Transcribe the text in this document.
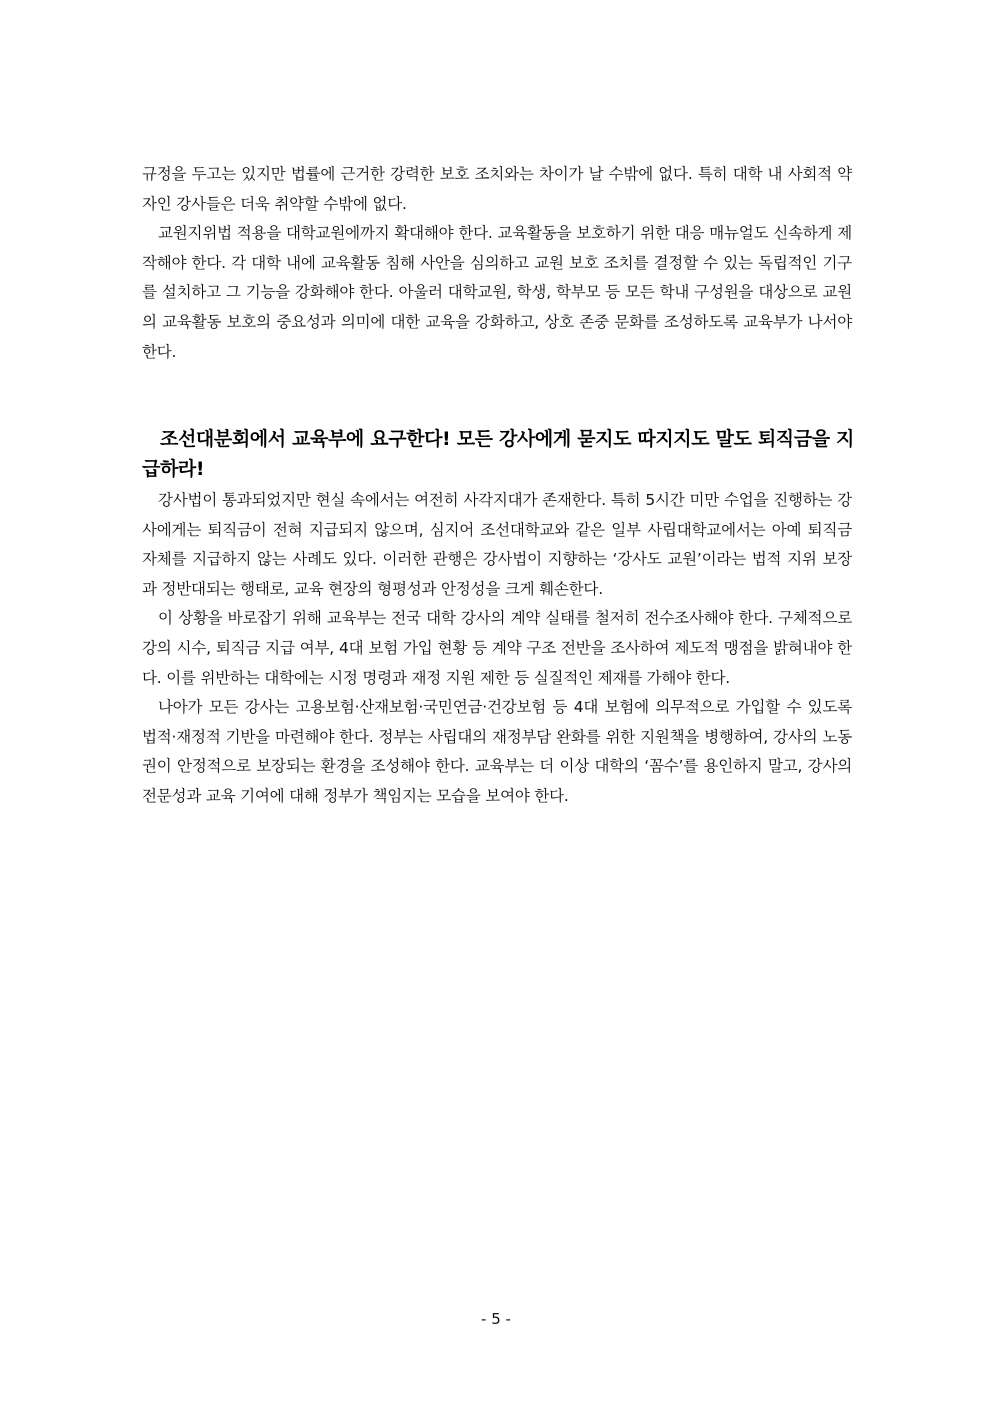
규정을 두고는 있지만 법률에 근거한 강력한 보호 조치와는 차이가 날 수밖에 없다. 특히 대학 내 사회적 약자인 강사들은 더욱 취약할 수밖에 없다.

교원지위법 적용을 대학교원에까지 확대해야 한다. 교육활동을 보호하기 위한 대응 매뉴얼도 신속하게 제작해야 한다. 각 대학 내에 교육활동 침해 사안을 심의하고 교원 보호 조치를 결정할 수 있는 독립적인 기구를 설치하고 그 기능을 강화해야 한다. 아울러 대학교원, 학생, 학부모 등 모든 학내 구성원을 대상으로 교원의 교육활동 보호의 중요성과 의미에 대한 교육을 강화하고, 상호 존중 문화를 조성하도록 교육부가 나서야 한다.

조선대분회에서 교육부에 요구한다! 모든 강사에게 묻지도 따지지도 말도 퇴직금을 지급하라!

강사법이 통과되었지만 현실 속에서는 여전히 사각지대가 존재한다. 특히 5시간 미만 수업을 진행하는 강사에게는 퇴직금이 전혀 지급되지 않으며, 심지어 조선대학교와 같은 일부 사립대학교에서는 아예 퇴직금 자체를 지급하지 않는 사례도 있다. 이러한 관행은 강사법이 지향하는 ‘강사도 교원’이라는 법적 지위 보장과 정반대되는 행태로, 교육 현장의 형평성과 안정성을 크게 훼손한다.

이 상황을 바로잡기 위해 교육부는 전국 대학 강사의 계약 실태를 철저히 전수조사해야 한다. 구체적으로 강의 시수, 퇴직금 지급 여부, 4대 보험 가입 현황 등 계약 구조 전반을 조사하여 제도적 맹점을 밝혀내야 한다. 이를 위반하는 대학에는 시정 명령과 재정 지원 제한 등 실질적인 제재를 가해야 한다.

나아가 모든 강사는 고용보험·산재보험·국민연금·건강보험 등 4대 보험에 의무적으로 가입할 수 있도록 법적·재정적 기반을 마련해야 한다. 정부는 사립대의 재정부담 완화를 위한 지원책을 병행하여, 강사의 노동권이 안정적으로 보장되는 환경을 조성해야 한다. 교육부는 더 이상 대학의 ‘꼼수’를 용인하지 말고, 강사의 전문성과 교육 기여에 대해 정부가 책임지는 모습을 보여야 한다.

- 5 -
